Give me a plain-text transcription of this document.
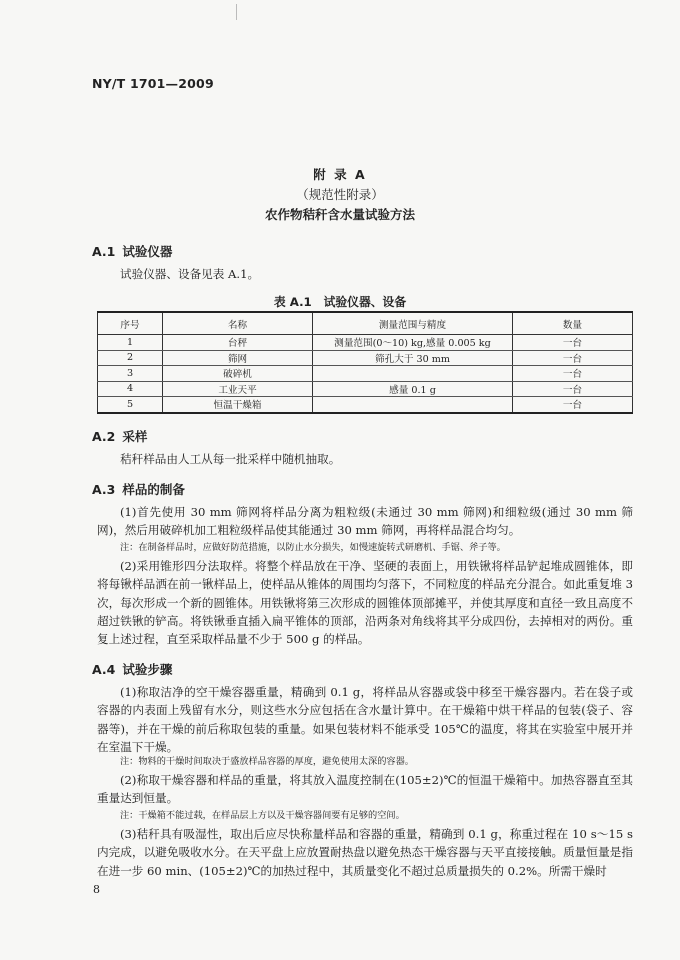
NY/T 1701—2009
附 录 A
（规范性附录）
农作物秸秆含水量试验方法
A.1 试验仪器
试验仪器、设备见表 A.1。
表 A.1　试验仪器、设备
序号	名称	测量范围与精度	数量
1	台秤	测量范围(0～10) kg,感量 0.005 kg	一台
2	筛网	筛孔大于 30 mm	一台
3	破碎机		一台
4	工业天平	感量 0.1 g	一台
5	恒温干燥箱		一台
A.2 采样
秸秆样品由人工从每一批采样中随机抽取。
A.3 样品的制备
(1)首先使用 30 mm 筛网将样品分离为粗粒级(未通过 30 mm 筛网)和细粒级(通过 30 mm 筛网)，然后用破碎机加工粗粒级样品使其能通过 30 mm 筛网，再将样品混合均匀。
注：在制备样品时，应做好防范措施，以防止水分损失，如慢速旋转式研磨机、手锯、斧子等。
(2)采用锥形四分法取样。将整个样品放在干净、坚硬的表面上，用铁锹将样品铲起堆成圆锥体，即将每锹样品洒在前一锹样品上，使样品从锥体的周围均匀落下，不同粒度的样品充分混合。如此重复堆 3 次，每次形成一个新的圆锥体。用铁锹将第三次形成的圆锥体顶部摊平，并使其厚度和直径一致且高度不超过铁锹的铲高。将铁锹垂直插入扁平锥体的顶部，沿两条对角线将其平分成四份，去掉相对的两份。重复上述过程，直至采取样品量不少于 500 g 的样品。
A.4 试验步骤
(1)称取洁净的空干燥容器重量，精确到 0.1 g，将样品从容器或袋中移至干燥容器内。若在袋子或容器的内表面上残留有水分，则这些水分应包括在含水量计算中。在干燥箱中烘干样品的包装(袋子、容器等)，并在干燥的前后称取包装的重量。如果包装材料不能承受 105℃的温度，将其在实验室中展开并在室温下干燥。
注：物料的干燥时间取决于盛放样品容器的厚度，避免使用太深的容器。
(2)称取干燥容器和样品的重量，将其放入温度控制在(105±2)℃的恒温干燥箱中。加热容器直至其重量达到恒量。
注：干燥箱不能过载，在样品层上方以及干燥容器间要有足够的空间。
(3)秸秆具有吸湿性，取出后应尽快称量样品和容器的重量，精确到 0.1 g，称重过程在 10 s～15 s 内完成，以避免吸收水分。在天平盘上应放置耐热盘以避免热态干燥容器与天平直接接触。质量恒量是指在进一步 60 min、(105±2)℃的加热过程中，其质量变化不超过总质量损失的 0.2%。所需干燥时
8
